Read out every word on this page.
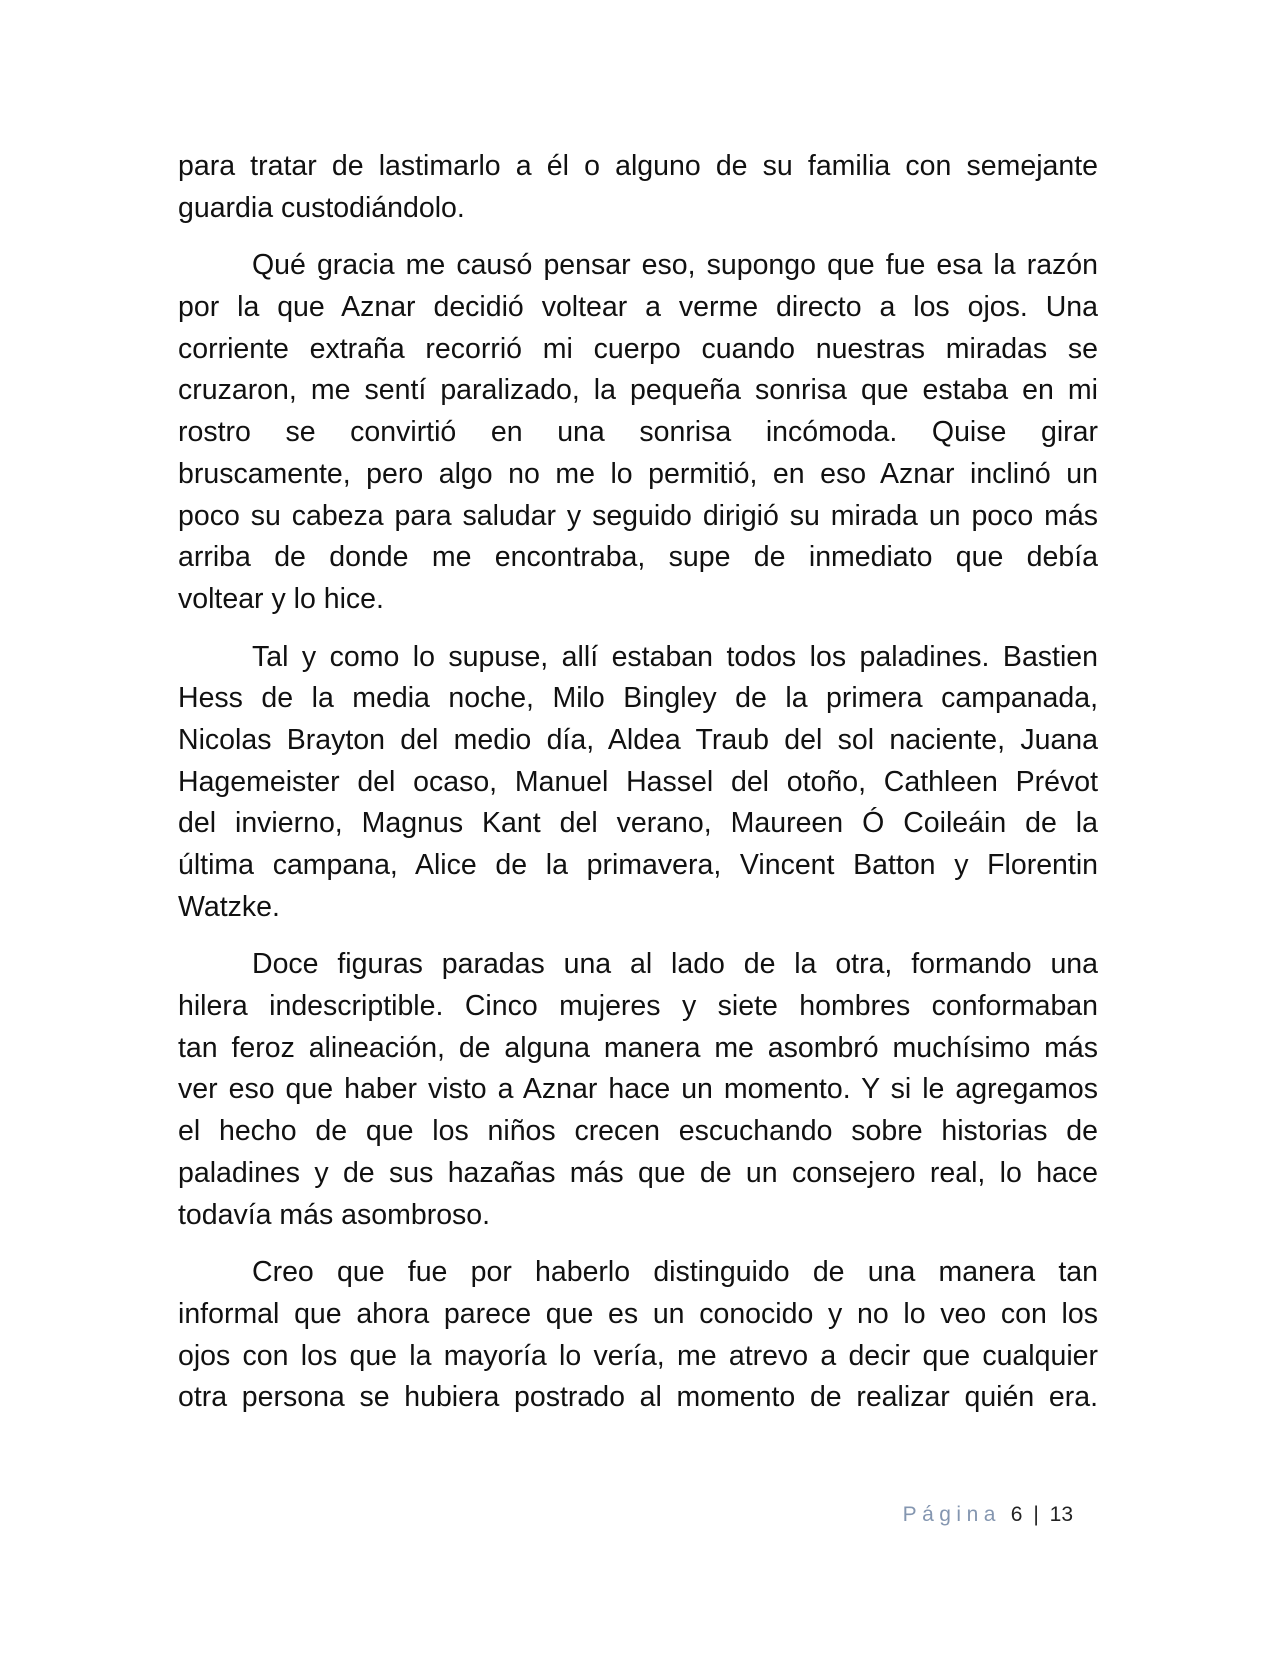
para tratar de lastimarlo a él o alguno de su familia con semejante
guardia custodiándolo.
Qué gracia me causó pensar eso, supongo que fue esa la razón
por la que Aznar decidió voltear a verme directo a los ojos. Una
corriente extraña recorrió mi cuerpo cuando nuestras miradas se
cruzaron, me sentí paralizado, la pequeña sonrisa que estaba en mi
rostro se convirtió en una sonrisa incómoda. Quise girar
bruscamente, pero algo no me lo permitió, en eso Aznar inclinó un
poco su cabeza para saludar y seguido dirigió su mirada un poco más
arriba de donde me encontraba, supe de inmediato que debía
voltear y lo hice.
Tal y como lo supuse, allí estaban todos los paladines. Bastien
Hess de la media noche, Milo Bingley de la primera campanada,
Nicolas Brayton del medio día, Aldea Traub del sol naciente, Juana
Hagemeister del ocaso, Manuel Hassel del otoño, Cathleen Prévot
del invierno, Magnus Kant del verano, Maureen Ó Coileáin de la
última campana, Alice de la primavera, Vincent Batton y Florentin
Watzke.
Doce figuras paradas una al lado de la otra, formando una
hilera indescriptible. Cinco mujeres y siete hombres conformaban
tan feroz alineación, de alguna manera me asombró muchísimo más
ver eso que haber visto a Aznar hace un momento. Y si le agregamos
el hecho de que los niños crecen escuchando sobre historias de
paladines y de sus hazañas más que de un consejero real, lo hace
todavía más asombroso.
Creo que fue por haberlo distinguido de una manera tan
informal que ahora parece que es un conocido y no lo veo con los
ojos con los que la mayoría lo vería, me atrevo a decir que cualquier
otra persona se hubiera postrado al momento de realizar quién era.
Página 6 | 13
